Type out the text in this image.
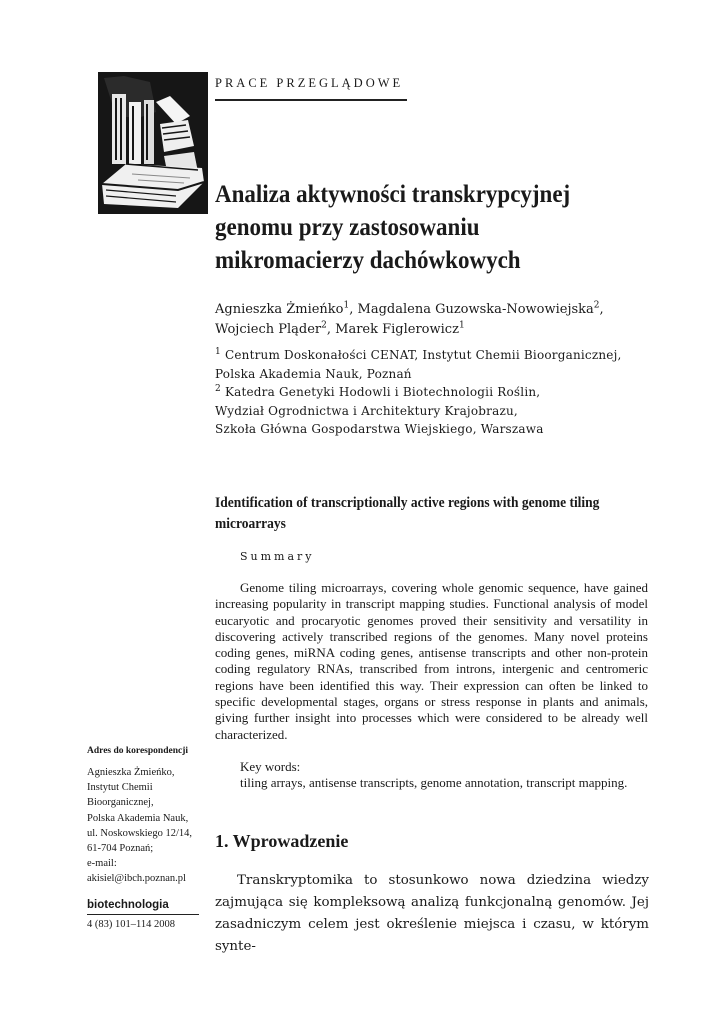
PRACE PRZEGLĄDOWE
Analiza aktywności transkrypcyjnej
genomu przy zastosowaniu
mikromacierzy dachówkowych
Agnieszka Żmieńko$^1$, Magdalena Guzowska-Nowowiejska$^2$,
Wojciech Pląder$^2$, Marek Figlerowicz$^1$
$^1$ Centrum Doskonałości CENAT, Instytut Chemii Bioorganicznej,
Polska Akademia Nauk, Poznań
$^2$ Katedra Genetyki Hodowli i Biotechnologii Roślin,
Wydział Ogrodnictwa i Architektury Krajobrazu,
Szkoła Główna Gospodarstwa Wiejskiego, Warszawa
Identification of transcriptionally active regions with genome tiling microarrays
Summary
Genome tiling microarrays, covering whole genomic sequence, have gained increasing popularity in transcript mapping studies. Functional analysis of model eucaryotic and procaryotic genomes proved their sensitivity and versatility in discovering actively transcribed regions of the genomes. Many novel proteins coding genes, miRNA coding genes, antisense transcripts and other non-protein coding regulatory RNAs, transcribed from introns, intergenic and centromeric regions have been identified this way. Their expression can often be linked to specific developmental stages, organs or stress response in plants and animals, giving further insight into processes which were considered to be already well characterized.
Key words:
tiling arrays, antisense transcripts, genome annotation, transcript mapping.
1. Wprowadzenie
Transkryptomika to stosunkowo nowa dziedzina wiedzy zajmująca się kompleksową analizą funkcjonalną genomów. Jej zasadniczym celem jest określenie miejsca i czasu, w którym synte-
Adres do korespondencji
Agnieszka Żmieńko,
Instytut Chemii
Bioorganicznej,
Polska Akademia Nauk,
ul. Noskowskiego 12/14,
61-704 Poznań;
e-mail:
akisiel@ibch.poznan.pl
biotechnologia
4 (83) 101–114 2008
